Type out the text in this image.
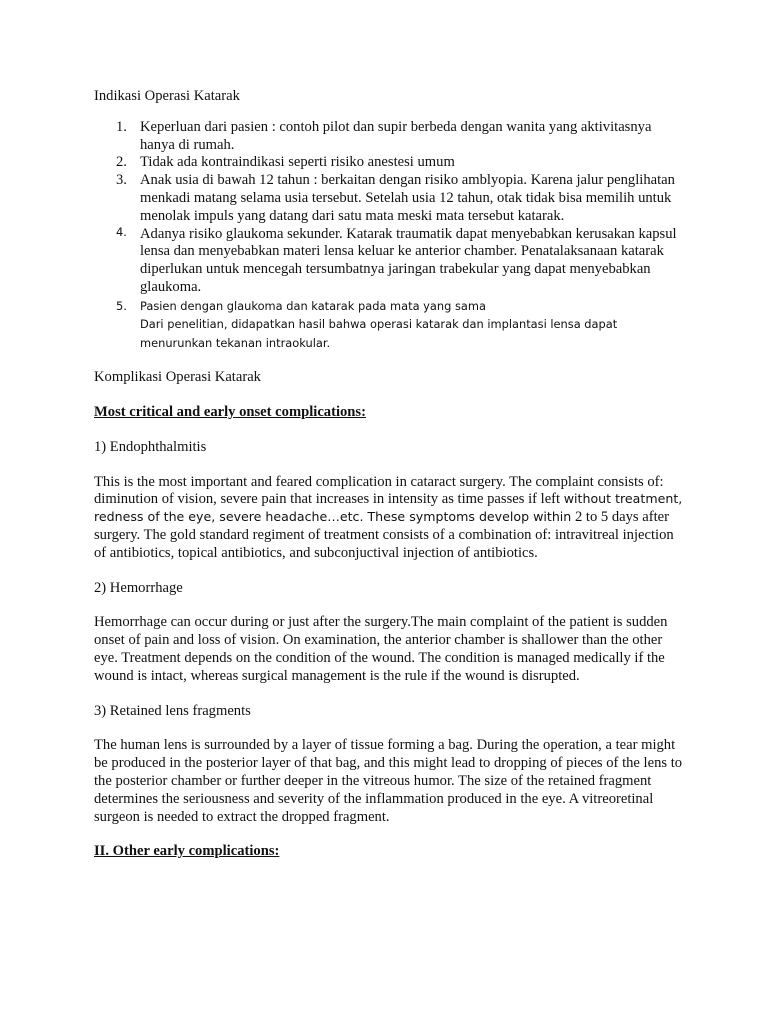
Indikasi Operasi Katarak

1. Keperluan dari pasien : contoh pilot dan supir berbeda dengan wanita yang aktivitasnya hanya di rumah.
2. Tidak ada kontraindikasi seperti risiko anestesi umum
3. Anak usia di bawah 12 tahun : berkaitan dengan risiko amblyopia. Karena jalur penglihatan menkadi matang selama usia tersebut. Setelah usia 12 tahun, otak tidak bisa memilih untuk menolak impuls yang datang dari satu mata meski mata tersebut katarak.
4. Adanya risiko glaukoma sekunder. Katarak traumatik dapat menyebabkan kerusakan kapsul lensa dan menyebabkan materi lensa keluar ke anterior chamber. Penatalaksanaan katarak diperlukan untuk mencegah tersumbatnya jaringan trabekular yang dapat menyebabkan glaukoma.
5. Pasien dengan glaukoma dan katarak pada mata yang sama
Dari penelitian, didapatkan hasil bahwa operasi katarak dan implantasi lensa dapat menurunkan tekanan intraokular.

Komplikasi Operasi Katarak

Most critical and early onset complications:

1) Endophthalmitis

This is the most important and feared complication in cataract surgery. The complaint consists of: diminution of vision, severe pain that increases in intensity as time passes if left without treatment, redness of the eye, severe headache…etc. These symptoms develop within 2 to 5 days after surgery. The gold standard regiment of treatment consists of a combination of: intravitreal injection of antibiotics, topical antibiotics, and subconjuctival injection of antibiotics.

2) Hemorrhage

Hemorrhage can occur during or just after the surgery.The main complaint of the patient is sudden onset of pain and loss of vision. On examination, the anterior chamber is shallower than the other eye. Treatment depends on the condition of the wound. The condition is managed medically if the wound is intact, whereas surgical management is the rule if the wound is disrupted.

3) Retained lens fragments

The human lens is surrounded by a layer of tissue forming a bag. During the operation, a tear might be produced in the posterior layer of that bag, and this might lead to dropping of pieces of the lens to the posterior chamber or further deeper in the vitreous humor. The size of the retained fragment determines the seriousness and severity of the inflammation produced in the eye. A vitreoretinal surgeon is needed to extract the dropped fragment.

II. Other early complications:
